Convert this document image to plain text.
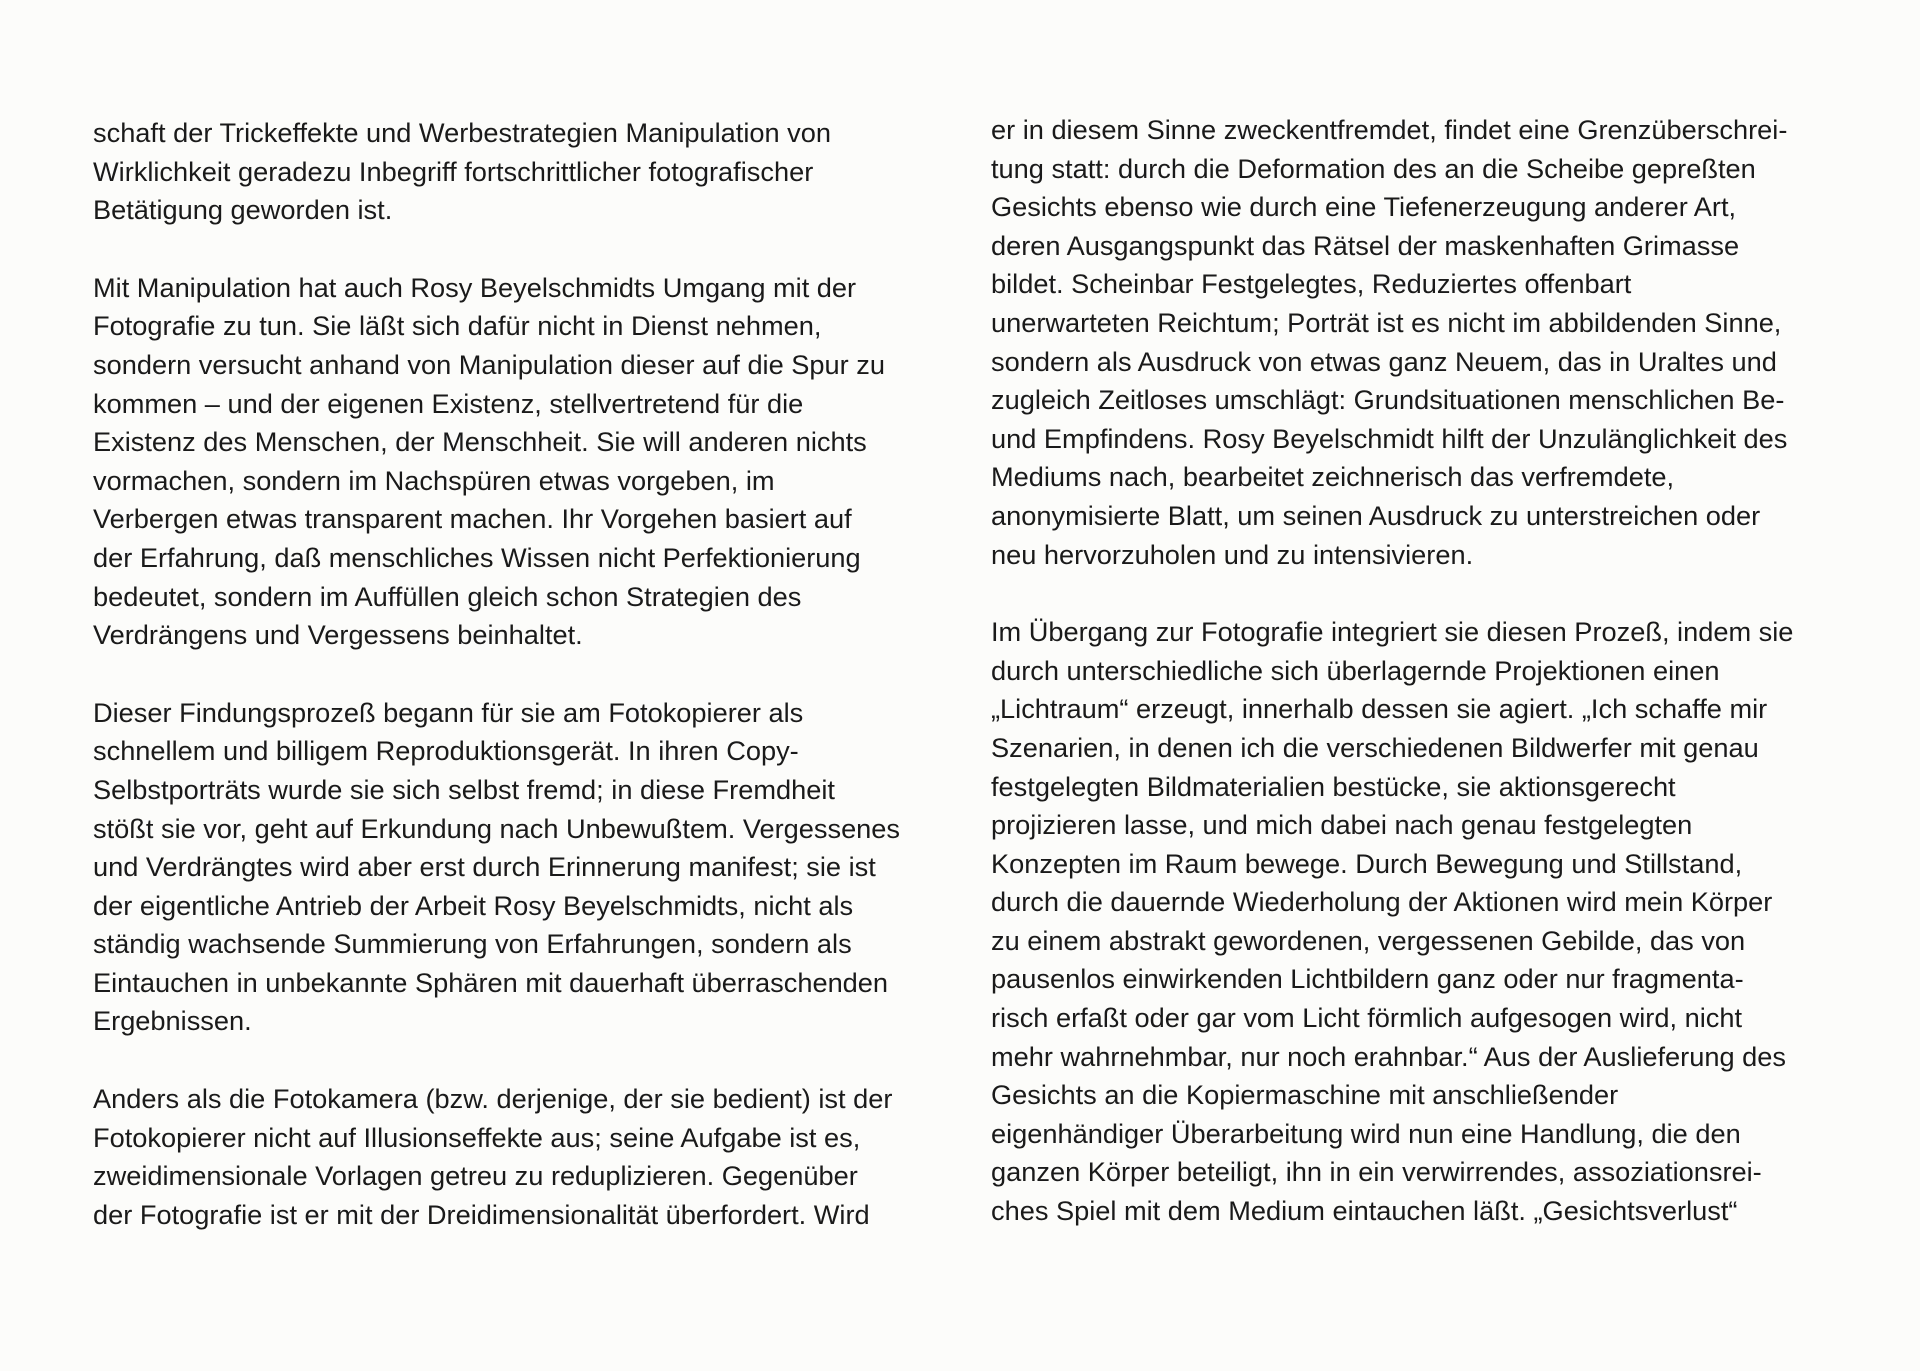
schaft der Trickeffekte und Werbestrategien Manipulation von
Wirklichkeit geradezu Inbegriff fortschrittlicher fotografischer
Betätigung geworden ist.

Mit Manipulation hat auch Rosy Beyelschmidts Umgang mit der
Fotografie zu tun. Sie läßt sich dafür nicht in Dienst nehmen,
sondern versucht anhand von Manipulation dieser auf die Spur zu
kommen – und der eigenen Existenz, stellvertretend für die
Existenz des Menschen, der Menschheit. Sie will anderen nichts
vormachen, sondern im Nachspüren etwas vorgeben, im
Verbergen etwas transparent machen. Ihr Vorgehen basiert auf
der Erfahrung, daß menschliches Wissen nicht Perfektionierung
bedeutet, sondern im Auffüllen gleich schon Strategien des
Verdrängens und Vergessens beinhaltet.

Dieser Findungsprozeß begann für sie am Fotokopierer als
schnellem und billigem Reproduktionsgerät. In ihren Copy-
Selbstporträts wurde sie sich selbst fremd; in diese Fremdheit
stößt sie vor, geht auf Erkundung nach Unbewußtem. Vergessenes
und Verdrängtes wird aber erst durch Erinnerung manifest; sie ist
der eigentliche Antrieb der Arbeit Rosy Beyelschmidts, nicht als
ständig wachsende Summierung von Erfahrungen, sondern als
Eintauchen in unbekannte Sphären mit dauerhaft überraschenden
Ergebnissen.

Anders als die Fotokamera (bzw. derjenige, der sie bedient) ist der
Fotokopierer nicht auf Illusionseffekte aus; seine Aufgabe ist es,
zweidimensionale Vorlagen getreu zu reduplizieren. Gegenüber
der Fotografie ist er mit der Dreidimensionalität überfordert. Wird

er in diesem Sinne zweckentfremdet, findet eine Grenzüberschrei-
tung statt: durch die Deformation des an die Scheibe gepreßten
Gesichts ebenso wie durch eine Tiefenerzeugung anderer Art,
deren Ausgangspunkt das Rätsel der maskenhaften Grimasse
bildet. Scheinbar Festgelegtes, Reduziertes offenbart
unerwarteten Reichtum; Porträt ist es nicht im abbildenden Sinne,
sondern als Ausdruck von etwas ganz Neuem, das in Uraltes und
zugleich Zeitloses umschlägt: Grundsituationen menschlichen Be-
und Empfindens. Rosy Beyelschmidt hilft der Unzulänglichkeit des
Mediums nach, bearbeitet zeichnerisch das verfremdete,
anonymisierte Blatt, um seinen Ausdruck zu unterstreichen oder
neu hervorzuholen und zu intensivieren.

Im Übergang zur Fotografie integriert sie diesen Prozeß, indem sie
durch unterschiedliche sich überlagernde Projektionen einen
„Lichtraum“ erzeugt, innerhalb dessen sie agiert. „Ich schaffe mir
Szenarien, in denen ich die verschiedenen Bildwerfer mit genau
festgelegten Bildmaterialien bestücke, sie aktionsgerecht
projizieren lasse, und mich dabei nach genau festgelegten
Konzepten im Raum bewege. Durch Bewegung und Stillstand,
durch die dauernde Wiederholung der Aktionen wird mein Körper
zu einem abstrakt gewordenen, vergessenen Gebilde, das von
pausenlos einwirkenden Lichtbildern ganz oder nur fragmenta-
risch erfaßt oder gar vom Licht förmlich aufgesogen wird, nicht
mehr wahrnehmbar, nur noch erahnbar.“ Aus der Auslieferung des
Gesichts an die Kopiermaschine mit anschließender
eigenhändiger Überarbeitung wird nun eine Handlung, die den
ganzen Körper beteiligt, ihn in ein verwirrendes, assoziationsrei-
ches Spiel mit dem Medium eintauchen läßt. „Gesichtsverlust“
